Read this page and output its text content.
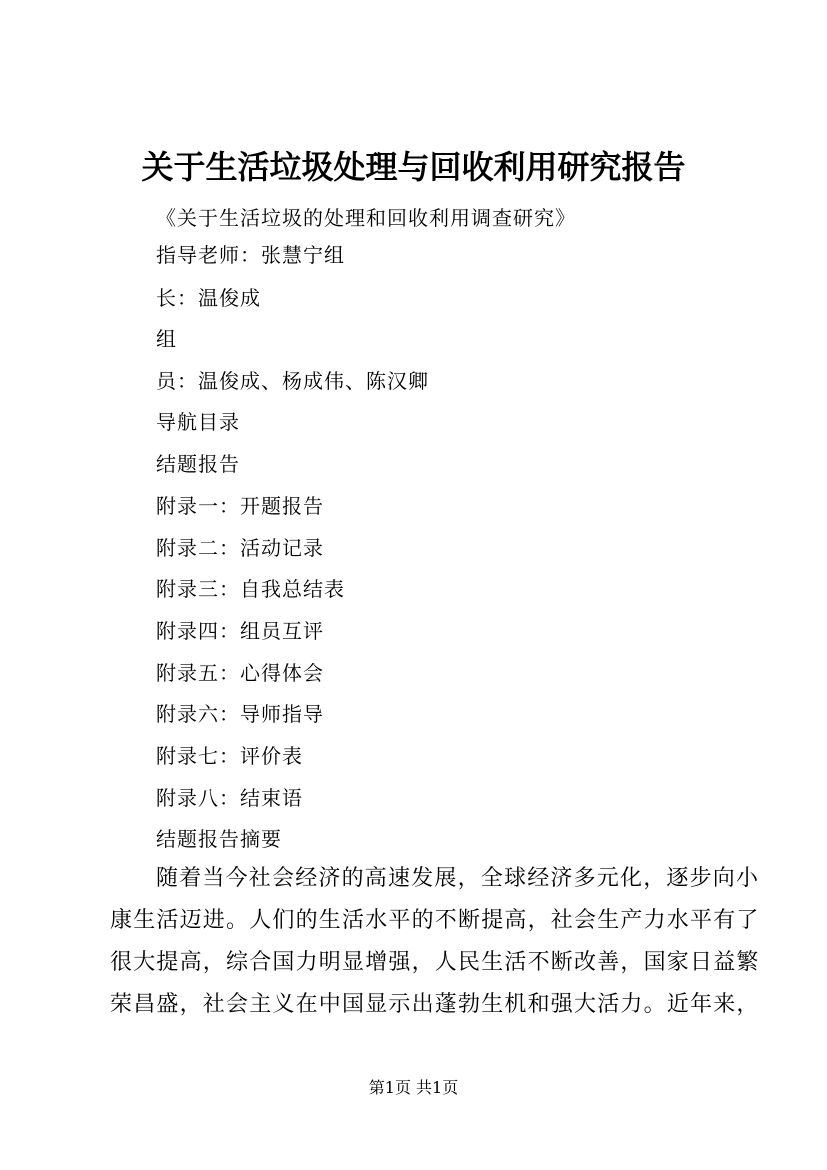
关于生活垃圾处理与回收利用研究报告
《关于生活垃圾的处理和回收利用调查研究》
指导老师：张慧宁组
长：温俊成
组
员：温俊成、杨成伟、陈汉卿
导航目录
结题报告
附录一：开题报告
附录二：活动记录
附录三：自我总结表
附录四：组员互评
附录五：心得体会
附录六：导师指导
附录七：评价表
附录八：结束语
结题报告摘要
随着当今社会经济的高速发展，全球经济多元化，逐步向小
康生活迈进。人们的生活水平的不断提高，社会生产力水平有了
很大提高，综合国力明显增强，人民生活不断改善，国家日益繁
荣昌盛，社会主义在中国显示出蓬勃生机和强大活力。近年来，
第1页 共1页
